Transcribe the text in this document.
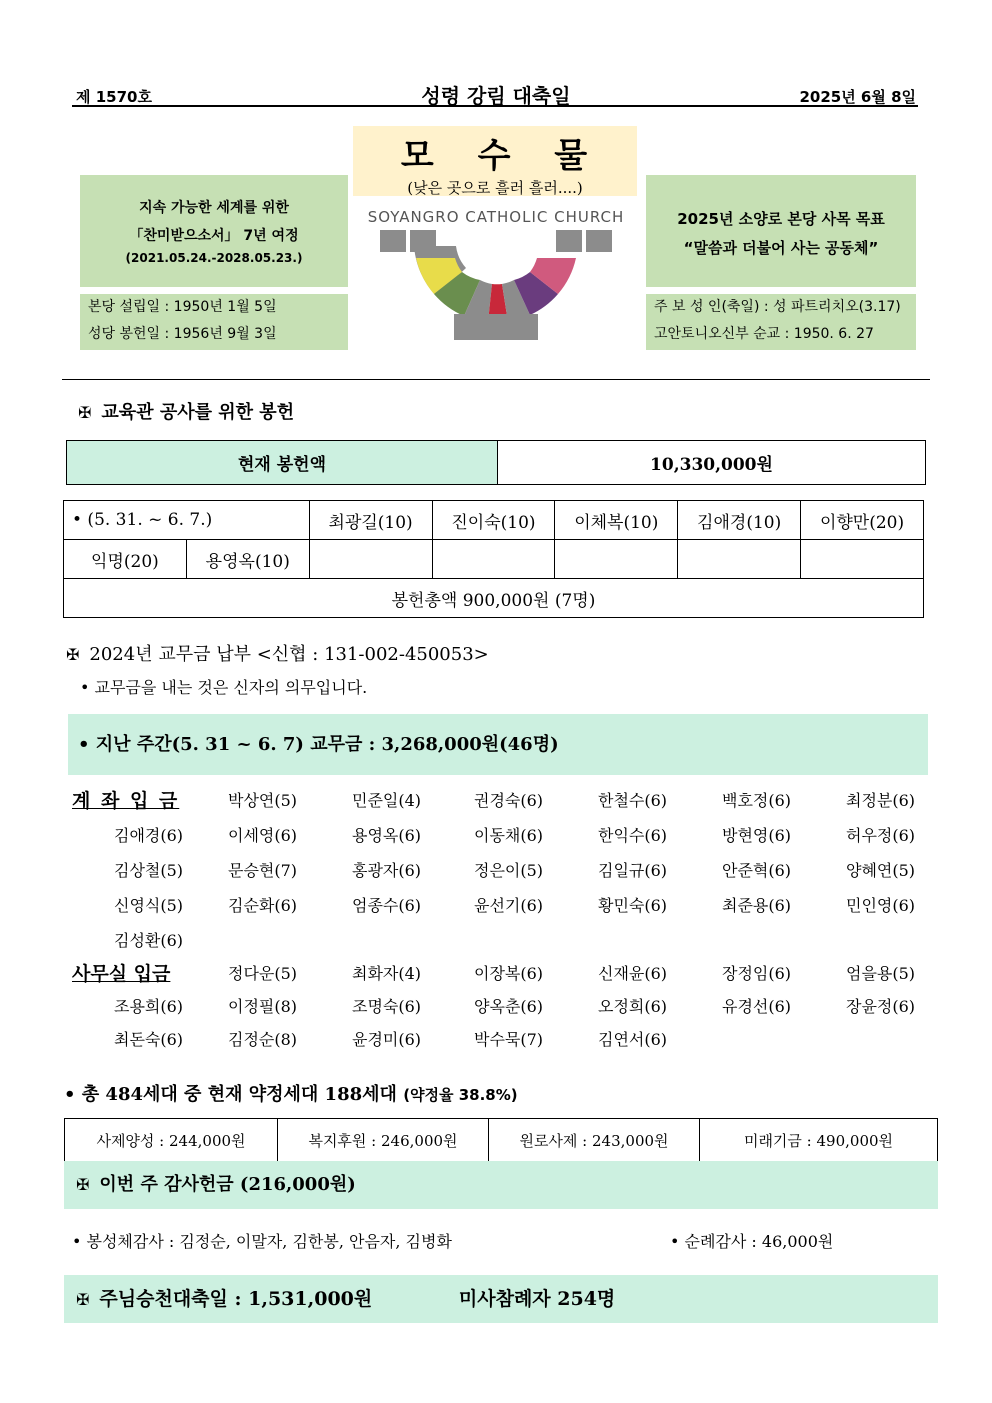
제 1570호	성령 강림 대축일	2025년 6월 8일
모 수 물
(낮은 곳으로 흘러 흘러....)
SOYANGRO CATHOLIC CHURCH
지속 가능한 세계를 위한
「찬미받으소서」 7년 여정
(2021.05.24.-2028.05.23.)
본당 설립일 : 1950년 1월 5일
성당 봉헌일 : 1956년 9월 3일
2025년 소양로 본당 사목 목표
“말씀과 더불어 사는 공동체”
주 보 성 인(축일) : 성 파트리치오(3.17)
고안토니오신부 순교 : 1950. 6. 27
✠ 교육관 공사를 위한 봉헌
현재 봉헌액	10,330,000원
• (5. 31. ~ 6. 7.)		최광길(10)	진이숙(10)	이체복(10)	김애경(10)	이향만(20)
익명(20)	용영옥(10)					
봉헌총액 900,000원 (7명)						
✠ 2024년 교무금 납부 <신협 : 131-002-450053>
• 교무금을 내는 것은 신자의 의무입니다.
• 지난 주간(5. 31 ~ 6. 7) 교무금 : 3,268,000원(46명)
계 좌 입 금	박상연(5)	민준일(4)	권경숙(6)	한철수(6)	백호정(6)	최정분(6)
김애경(6)	이세영(6)	용영옥(6)	이동채(6)	한익수(6)	방현영(6)	허우정(6)
김상철(5)	문승현(7)	홍광자(6)	정은이(5)	김일규(6)	안준혁(6)	양혜연(5)
신영식(5)	김순화(6)	엄종수(6)	윤선기(6)	황민숙(6)	최준용(6)	민인영(6)
김성환(6)
사무실 입금	정다운(5)	최화자(4)	이장복(6)	신재윤(6)	장정임(6)	엄을용(5)
조용희(6)	이정필(8)	조명숙(6)	양옥춘(6)	오정희(6)	유경선(6)	장윤정(6)
최돈숙(6)	김정순(8)	윤경미(6)	박수묵(7)	김연서(6)
• 총 484세대 중 현재 약정세대 188세대 (약정율 38.8%)
사제양성 : 244,000원	복지후원 : 246,000원	원로사제 : 243,000원	미래기금 : 490,000원
✠ 이번 주 감사헌금 (216,000원)
• 봉성체감사 : 김정순, 이말자, 김한봉, 안음자, 김병화	• 순례감사 : 46,000원
✠ 주님승천대축일 : 1,531,000원	미사참례자 254명
